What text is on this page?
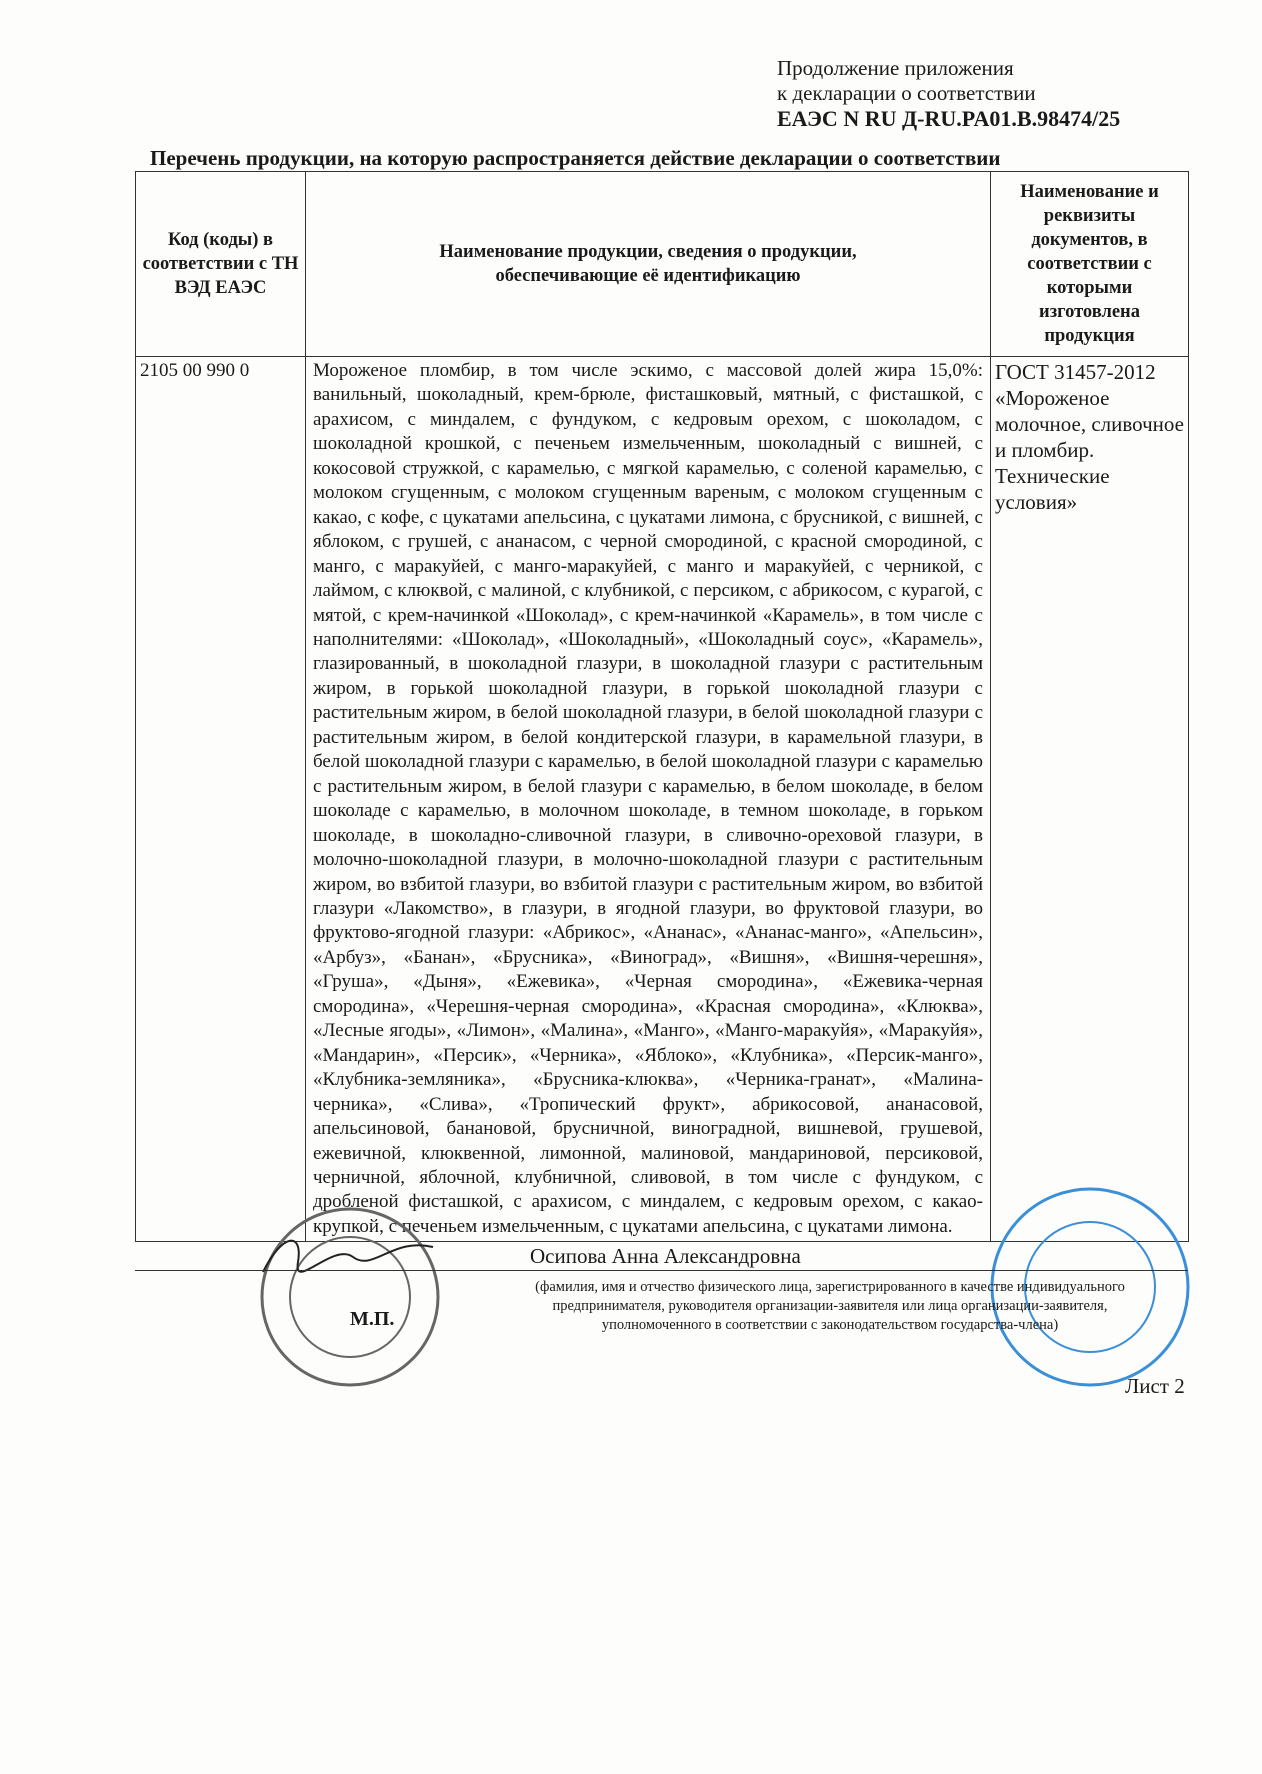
Продолжение приложения
к декларации о соответствии
ЕАЭС N RU Д-RU.PA01.B.98474/25
Перечень продукции, на которую распространяется действие декларации о соответствии
Код (коды) в соответствии с ТН ВЭД ЕАЭС	Наименование продукции, сведения о продукции, обеспечивающие её идентификацию	Наименование и реквизиты документов, в соответствии с которыми изготовлена продукция
2105 00 990 0	Мороженое пломбир, в том числе эскимо, с массовой долей жира 15,0%: ванильный, шоколадный, крем-брюле, фисташковый, мятный, с фисташкой, с арахисом, с миндалем, с фундуком, с кедровым орехом, с шоколадом, с шоколадной крошкой, с печеньем измельченным, шоколадный с вишней, с кокосовой стружкой, с карамелью, с мягкой карамелью, с соленой карамелью, с молоком сгущенным, с молоком сгущенным вареным, с молоком сгущенным с какао, с кофе, с цукатами апельсина, с цукатами лимона, с брусникой, с вишней, с яблоком, с грушей, с ананасом, с черной смородиной, с красной смородиной, с манго, с маракуйей, с манго-маракуйей, с манго и маракуйей, с черникой, с лаймом, с клюквой, с малиной, с клубникой, с персиком, с абрикосом, с курагой, с мятой, с крем-начинкой «Шоколад», с крем-начинкой «Карамель», в том числе с наполнителями: «Шоколад», «Шоколадный», «Шоколадный соус», «Карамель», глазированный, в шоколадной глазури, в шоколадной глазури с растительным жиром, в горькой шоколадной глазури, в горькой шоколадной глазури с растительным жиром, в белой шоколадной глазури, в белой шоколадной глазури с растительным жиром, в белой кондитерской глазури, в карамельной глазури, в белой шоколадной глазури с карамелью, в белой шоколадной глазури с карамелью с растительным жиром, в белой глазури с карамелью, в белом шоколаде, в белом шоколаде с карамелью, в молочном шоколаде, в темном шоколаде, в горьком шоколаде, в шоколадно-сливочной глазури, в сливочно-ореховой глазури, в молочно-шоколадной глазури, в молочно-шоколадной глазури с растительным жиром, во взбитой глазури, во взбитой глазури с растительным жиром, во взбитой глазури «Лакомство», в глазури, в ягодной глазури, во фруктовой глазури, во фруктово-ягодной глазури: «Абрикос», «Ананас», «Ананас-манго», «Апельсин», «Арбуз», «Банан», «Брусника», «Виноград», «Вишня», «Вишня-черешня», «Груша», «Дыня», «Ежевика», «Черная смородина», «Ежевика-черная смородина», «Черешня-черная смородина», «Красная смородина», «Клюква», «Лесные ягоды», «Лимон», «Малина», «Манго», «Манго-маракуйя», «Маракуйя», «Мандарин», «Персик», «Черника», «Яблоко», «Клубника», «Персик-манго», «Клубника-земляника», «Брусника-клюква», «Черника-гранат», «Малина-черника», «Слива», «Тропический фрукт», абрикосовой, ананасовой, апельсиновой, банановой, брусничной, виноградной, вишневой, грушевой, ежевичной, клюквенной, лимонной, малиновой, мандариновой, персиковой, черничной, яблочной, клубничной, сливовой, в том числе с фундуком, с дробленой фисташкой, с арахисом, с миндалем, с кедровым орехом, с какао-крупкой, с печеньем измельченным, с цукатами апельсина, с цукатами лимона.	ГОСТ 31457-2012 «Мороженое молочное, сливочное и пломбир. Технические условия»
Осипова Анна Александровна
М.П.
(фамилия, имя и отчество физического лица, зарегистрированного в качестве индивидуального предпринимателя, руководителя организации-заявителя или лица организации-заявителя, уполномоченного в соответствии с законодательством государства-члена)
Лист 2
